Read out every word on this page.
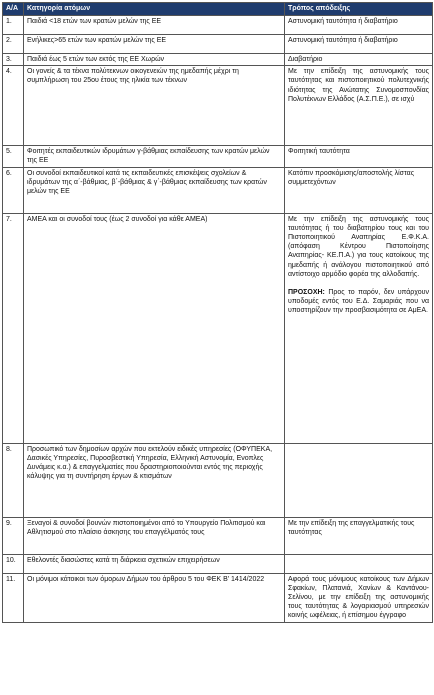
Α/Α	Κατηγορία ατόμων	Τρόπος απόδειξης
1.	Παιδιά <18 ετών των κρατών μελών της ΕΕ	Αστυνομική ταυτότητα ή διαβατήριο
2.	Ενήλικες>65 ετών των κρατών μελών της ΕΕ	Αστυνομική ταυτότητα ή διαβατήριο
3.	Παιδιά έως 5 ετών των εκτός της ΕΕ Χωρών	Διαβατήριο
4.	Οι γονείς & τα τέκνα πολύτεκνων οικογενειών της ημεδαπής μέχρι τη συμπλήρωση του 25ου έτους της ηλικία των τέκνων	Με την επίδειξη της αστυνομικής τους ταυτότητας και πιστοποιητικού πολυτεχνικής ιδιότητας της Ανώτατης Συνομοσπονδίας Πολυτέκνων Ελλάδος (Α.Σ.Π.Ε.), σε ισχύ
5.	Φοιτητές εκπαιδευτικών ιδρυμάτων γ-βάθμιας εκπαίδευσης των κρατών μελών της ΕΕ	Φοιτητική ταυτότητα
6.	Οι συνοδοί εκπαιδευτικοί κατά τις εκπαιδευτικές επισκέψεις σχολείων & ιδρυμάτων της α΄-βάθμιας, β΄-βάθμιας & γ΄-βάθμιας εκπαίδευσης των κρατών μελών της ΕΕ	Κατόπιν προσκόμισης/αποστολής λίστας συμμετεχόντων
7.	ΑΜΕΑ και οι συνοδοί τους (έως 2 συνοδοί για κάθε ΑΜΕΑ)	Με την επίδειξη της αστυνομικής τους ταυτότητας ή του διαβατηρίου τους και του Πιστοποιητικού Αναπηρίας Ε.Φ.Κ.Α. (απόφαση Κέντρου Πιστοποίησης Αναπηρίας- ΚΕ.Π.Α.) για τους κατοίκους της ημεδαπής ή ανάλογου πιστοποιητικού από αντίστοιχο αρμόδιο φορέα της αλλοδαπής.
ΠΡΟΣΟΧΗ: Προς το παρόν, δεν υπάρχουν υποδομές εντός του Ε.Δ. Σαμαριάς που να υποστηρίζουν την προσβασιμότητα σε ΑμΕΑ.

8.	Προσωπικό των δημοσίων αρχών που εκτελούν ειδικές υπηρεσίες (ΟΦΥΠΕΚΑ, Δασικές Υπηρεσίες, Πυροσβεστική Υπηρεσία, Ελληνική Αστυνομία, Ενοπλες Δυνάμεις κ.α.) & επαγγελματίες που δραστηριοποιούνται εντός της περιοχής κάλυψης για τη συντήρηση έργων & κτισμάτων	
9.	Ξεναγοί & συνοδοί βουνών πιστοποιημένοι από το Υπουργείο Πολιτισμού και Αθλητισμού στο πλαίσιο άσκησης του επαγγέλματός τους	Με την επίδειξη της επαγγελματικής τους ταυτότητας
10.	Εθελοντές διασώστες κατά τη διάρκεια σχετικών επιχειρήσεων	
11.	Οι μόνιμοι κάτοικοι των όμορων Δήμων του άρθρου 5 του ΦΕΚ Β' 1414/2022	Αφορά τους μόνιμους κατοίκους των Δήμων Σφακίων, Πλατανιά, Χανίων & Καντάνου-Σελίνου, με την επίδειξη της αστυνομικής τους ταυτότητας & λογαριασμού υπηρεσιών κοινής ωφέλειας, ή επίσημου έγγραφο
